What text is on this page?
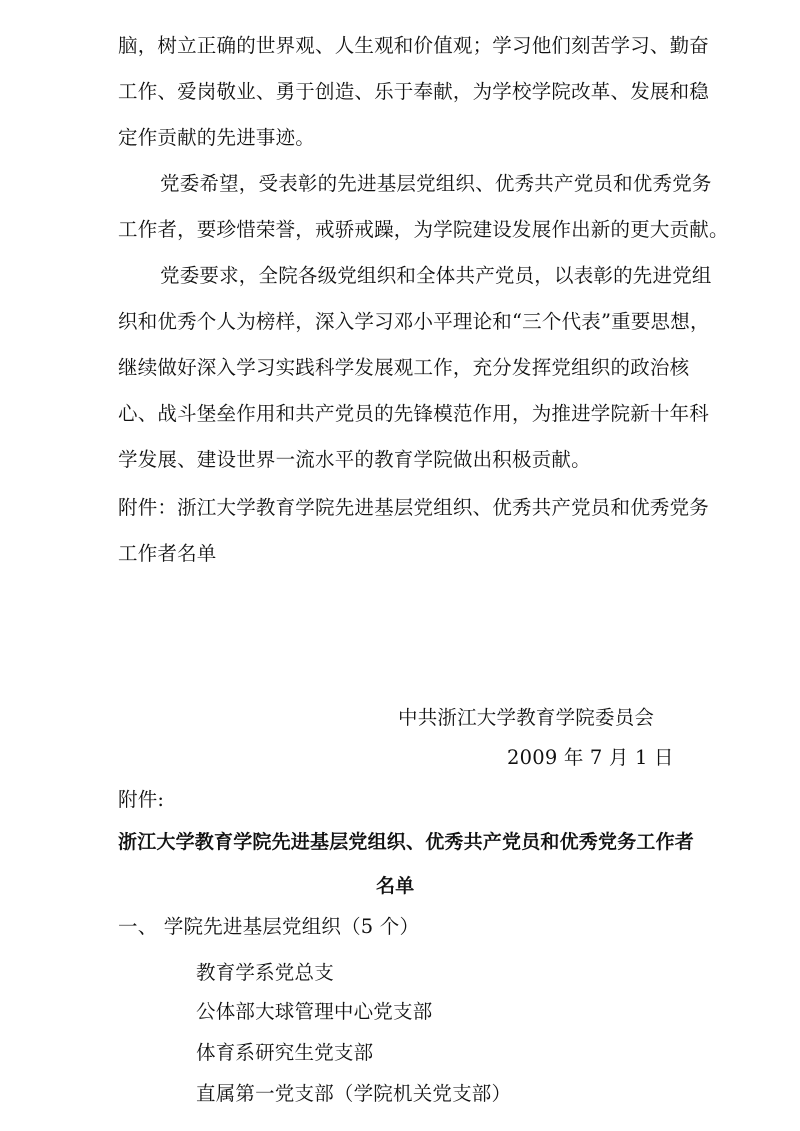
脑，树立正确的世界观、人生观和价值观；学习他们刻苦学习、勤奋
工作、爱岗敬业、勇于创造、乐于奉献，为学校学院改革、发展和稳
定作贡献的先进事迹。
党委希望，受表彰的先进基层党组织、优秀共产党员和优秀党务
工作者，要珍惜荣誉，戒骄戒躁，为学院建设发展作出新的更大贡献。
党委要求，全院各级党组织和全体共产党员，以表彰的先进党组
织和优秀个人为榜样，深入学习邓小平理论和“三个代表”重要思想，
继续做好深入学习实践科学发展观工作，充分发挥党组织的政治核
心、战斗堡垒作用和共产党员的先锋模范作用，为推进学院新十年科
学发展、建设世界一流水平的教育学院做出积极贡献。
附件：浙江大学教育学院先进基层党组织、优秀共产党员和优秀党务
工作者名单
中共浙江大学教育学院委员会
2009 年 7 月 1 日
附件:
浙江大学教育学院先进基层党组织、优秀共产党员和优秀党务工作者
名单
一、 学院先进基层党组织（5 个）
教育学系党总支
公体部大球管理中心党支部
体育系研究生党支部
直属第一党支部（学院机关党支部）
